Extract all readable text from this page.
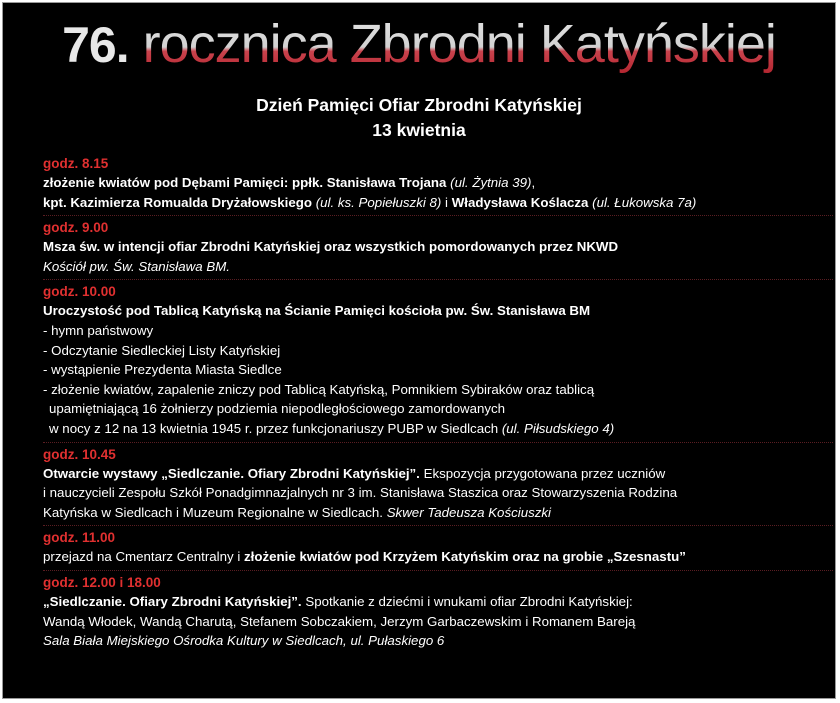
76. rocznica Zbrodni Katyńskiej
Dzień Pamięci Ofiar Zbrodni Katyńskiej
13 kwietnia
godz. 8.15
złożenie kwiatów pod Dębami Pamięci: ppłk. Stanisława Trojana (ul. Żytnia 39),
kpt. Kazimierza Romualda Dryżałowskiego (ul. ks. Popiełuszki 8) i Władysława Koślacza (ul. Łukowska 7a)
godz. 9.00
Msza św. w intencji ofiar Zbrodni Katyńskiej oraz wszystkich pomordowanych przez NKWD
Kościół pw. Św. Stanisława BM.
godz. 10.00
Uroczystość pod Tablicą Katyńską na Ścianie Pamięci kościoła pw. Św. Stanisława BM
- hymn państwowy
- Odczytanie Siedleckiej Listy Katyńskiej
- wystąpienie Prezydenta Miasta Siedlce
- złożenie kwiatów, zapalenie zniczy pod Tablicą Katyńską, Pomnikiem Sybiraków oraz tablicą
upamiętniającą 16 żołnierzy podziemia niepodległościowego zamordowanych
w nocy z 12 na 13 kwietnia 1945 r. przez funkcjonariuszy PUBP w Siedlcach (ul. Piłsudskiego 4)
godz. 10.45
Otwarcie wystawy „Siedlczanie. Ofiary Zbrodni Katyńskiej”. Ekspozycja przygotowana przez uczniów
i nauczycieli Zespołu Szkół Ponadgimnazjalnych nr 3 im. Stanisława Staszica oraz Stowarzyszenia Rodzina
Katyńska w Siedlcach i Muzeum Regionalne w Siedlcach. Skwer Tadeusza Kościuszki
godz. 11.00
przejazd na Cmentarz Centralny i złożenie kwiatów pod Krzyżem Katyńskim oraz na grobie „Szesnastu”
godz. 12.00 i 18.00
„Siedlczanie. Ofiary Zbrodni Katyńskiej”. Spotkanie z dziećmi i wnukami ofiar Zbrodni Katyńskiej:
Wandą Włodek, Wandą Charutą, Stefanem Sobczakiem, Jerzym Garbaczewskim i Romanem Bareją
Sala Biała Miejskiego Ośrodka Kultury w Siedlcach, ul. Pułaskiego 6
